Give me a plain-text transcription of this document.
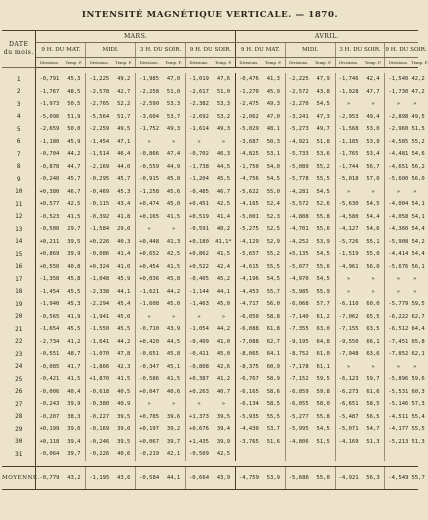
INTENSITÉ MAGNÉTIQUE VERTICALE. — 1870.
DATE
du mois.	MARS.								AVRIL.							
	9 H. DU MAT.		MIDI.		3 H. DU SOIR.		9 H. DU SOIR.		9 H. DU MAT.		MIDI.		3 H. DU SOIR.		9 H. DU SOIR.	
	Divisions.	Temp. F.	Divisions.	Temp. F.	Divisions.	Temp. F.	Divisions.	Temp. F.	Divisions.	Temp. F.	Divisions.	Temp. F.	Divisions.	Temp. F.	Divisions.	Temp. F.

1	-0,791	45,3	-1,225	49,2	-1,985	47,0	-1,019	47,6	-0,476	41,3	-2,225	47,9	-1,746	42,4	-1,540	42,2
2	-1,767	48,5	-2,578	42,7	-2,258	51,0	-2,617	51,0	-1,270	45,9	-2,572	43,8	-1,928	47,7	-1,730	47,2
3	-1,973	50,5	-2,765	52,2	-2,590	53,3	-2,382	53,3	-2,475	49,3	-2,270	54,5	»	»	»	»
4	-5,096	51,9	-5,564	51,7	-3,604	53,7	-2,692	53,2	-2,062	47,0	-3,241	47,3	-2,953	49,4	-2,898	49,5
5	-2,659	50,0	-2,259	49,5	-1,752	49,3	-1,614	49,3	-5,029	48,1	-5,273	49,7	-1,568	53,0	-2,960	51,5
6	-1,180	45,9	-1,454	47,1	»	»	»	»	-3,687	50,3	-4,921	51,8	-1,185	53,9	-4,585	55,2
7	-0,704	44,2	-1,514	46,4	-0,866	47,4	-0,702	46,3	-4,825	53,1	-5,733	53,6	-1,765	53,4	-4,481	54,6
8	-0,878	44,7	-2,169	44,0	-0,559	44,9	-1,738	44,5	-1,750	54,0	-5,089	55,2	-1,744	56,7	-4,651	56,2
9	-0,240	45,7	-0,295	45,7	-0,915	45,8	-1,204	45,5	-4,756	54,5	-5,778	55,5	-5,018	57,0	-5,600	56,0
10	+0,380	46,7	-0,469	45,3	-1,258	45,6	-0,485	46,7	-5,622	55,0	-4,281	54,5	»	»	»	»
11	+0,577	42,5	-0,115	43,4	+0,474	45,0	+0,451	42,5	-4,165	52,4	-5,572	52,6	-5,630	54,5	-4,004	54,1
12	-0,523	41,5	-0,392	41,8	+0,165	41,5	+0,519	41,4	-5,001	52,3	-4,808	55,8	-4,580	54,4	-4,058	54,1
13	-0,500	29,7	-1,584	29,0	»	»	-0,591	40,2	-5,275	52,5	-4,701	55,6	-4,127	54,6	-4,360	54,4
14	+0,211	39,5	+0,226	40,3	+0,448	41,3	+0,180	41,1*	-4,129	52,9	-4,252	53,9	-5,726	55,1	-5,908	54,2
15	+0,869	39,9	-0,086	41,4	+0,652	42,5	+0,862	41,5	-5,657	55,2	+5,135	54,5	-1,519	55,0	-4,414	54,4
16	+0,550	40,8	+0,324	41,0	+0,454	41,5	+0,522	42,4	-4,615	55,5	-5,077	55,6	-4,961	56,0	-5,676	56,1
17	-1,358	45,8	-1,048	45,9	+0,036	45,8	-0,405	45,2	-4,196	54,5	-4,970	54,5	»	»	»	»
18	-1,454	45,5	-2,338	44,1	-1,621	44,2	-1,144	44,1	-4,453	55,7	-5,985	55,9	»	»	»	»
19	-1,940	45,3	-2,294	45,4	-1,608	45,0	-1,463	45,0	-4,717	56,0	-6,068	57,7	-6,110	60,0	-5,779	59,5
20	-0,565	41,9	-1,941	45,0	»	»	»	»	-6,050	58,8	-7,140	61,2	-7,062	65,5	-6,222	62,7
21	-1,654	45,5	-1,550	45,5	-0,710	43,9	-1,054	44,2	-6,088	61,8	-7,355	63,0	-7,155	63,5	-6,512	64,4
22	-2,734	41,2	-1,641	44,2	+0,420	44,5	-0,409	41,0	-7,088	62,7	-9,195	64,8	-9,550	66,1	-7,451	65,8
23	-0,551	48,7	-1,070	47,8	-0,651	45,8	-0,411	45,0	-8,065	64,1	-8,752	61,0	-7,948	63,6	-7,852	62,1
24	-0,085	41,7	-1,866	42,3	-0,347	45,1	-0,808	42,6	-8,375	60,9	-7,178	61,1	»	»	»	»
25	-0,421	41,5	+1,870	41,5	-0,586	41,5	+0,387	41,2	-6,767	58,9	-7,152	59,5	-6,123	59,7	-5,896	59,6
26	-0,006	40,4	-0,618	40,5	+0,047	40,6	+0,263	40,7	-6,165	58,6	-6,859	59,8	-6,273	61,6	-5,531	60,3
27	-0,243	39,9	-0,380	40,9	»	»	»	»	-6,134	58,5	-6,055	58,0	-6,651	58,5	-5,146	57,3
28	-0,207	38,3	-0,227	39,5	+0,785	39,6	+1,373	39,5	-5,935	55,5	-5,277	55,8	-5,487	56,5	-4,511	55,4
29	+0,199	39,0	-0,169	39,0	+0,197	39,2	+0,676	39,4	-4,430	53,7	-5,995	54,5	-5,071	54,7	-4,177	55,5
30	+0,118	39,4	-0,246	39,5	+0,067	39,7	+1,435	39,9	-3,765	51,6	-4,806	51,5	-4,169	51,3	-5,213	51,3
31	-0,064	39,7	-0,226	40,6	-0,219	42,1	-0,509	42,5								

MOYENNE.	-0,779	43,2	-1,195	43,6	-0,584	44,1	-0,664	43,9	-4,759	53,9	-5,686	55,0	-4,921	56,3	-4,549	55,7
